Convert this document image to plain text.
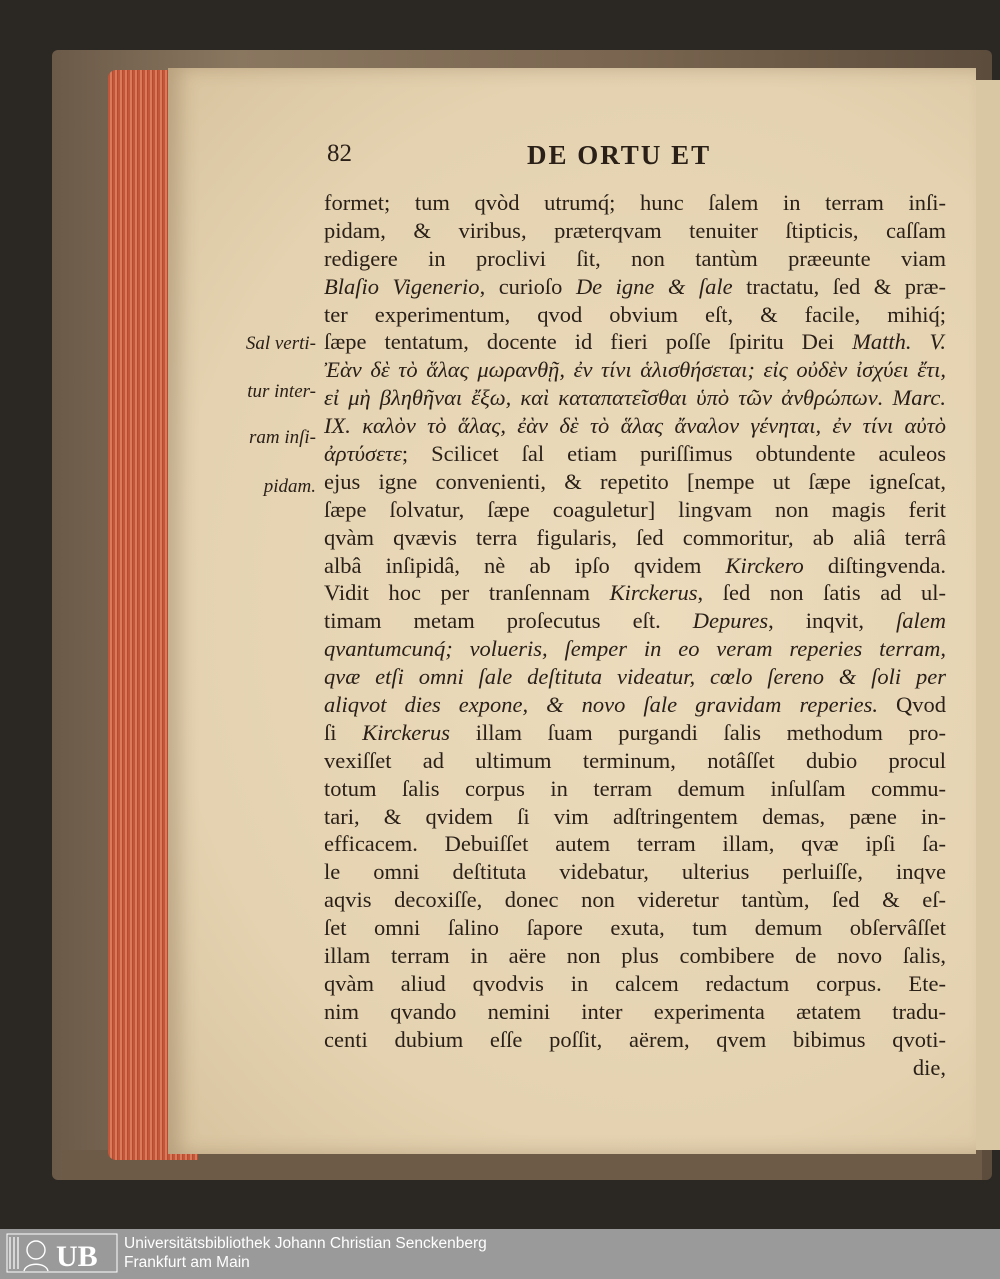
82	DE ORTU ET
Sal verti-
tur inter-
ram inſi-
pidam.
formet; tum qvòd utrumq́; hunc ſalem in terram inſi-
pidam, & viribus, præterqvam tenuiter ſtipticis, caſſam
redigere in proclivi ſit, non tantùm præeunte viam
Blaſio Vigenerio, curioſo De igne & ſale tractatu, ſed & præ-
ter experimentum, qvod obvium eſt, & facile, mihiq́;
ſæpe tentatum, docente id fieri poſſe ſpiritu Dei Matth. V.
Ἐὰν δὲ τὸ ἅλας μωρανθῇ, ἐν τίνι ἁλισθήσεται; εἰς οὐδὲν ἰσχύει ἔτι,
εἰ μὴ βληθῆναι ἔξω, καὶ καταπατεῖσθαι ὑπὸ τῶν ἀνθρώπων. Marc.
IX. καλὸν τὸ ἅλας, ἐὰν δὲ τὸ ἅλας ἄναλον γένηται, ἐν τίνι αὐτὸ
ἀρτύσετε; Scilicet ſal etiam puriſſimus obtundente aculeos
ejus igne convenienti, & repetito [nempe ut ſæpe igneſcat,
ſæpe ſolvatur, ſæpe coaguletur] lingvam non magis ferit
qvàm qvævis terra figularis, ſed commoritur, ab aliâ terrâ
albâ inſipidâ, nè ab ipſo qvidem Kirckero diſtingvenda.
Vidit hoc per tranſennam Kirckerus, ſed non ſatis ad ul-
timam metam proſecutus eſt. Depures, inqvit, ſalem
qvantumcunq́; volueris, ſemper in eo veram reperies terram,
qvæ etſi omni ſale deſtituta videatur, cœlo ſereno & ſoli per
aliqvot dies expone, & novo ſale gravidam reperies. Qvod
ſi Kirckerus illam ſuam purgandi ſalis methodum pro-
vexiſſet ad ultimum terminum, notâſſet dubio procul
totum ſalis corpus in terram demum inſulſam commu-
tari, & qvidem ſi vim adſtringentem demas, pæne in-
efficacem. Debuiſſet autem terram illam, qvæ ipſi ſa-
le omni deſtituta videbatur, ulterius perluiſſe, inqve
aqvis decoxiſſe, donec non videretur tantùm, ſed & eſ-
ſet omni ſalino ſapore exuta, tum demum obſervâſſet
illam terram in aëre non plus combibere de novo ſalis,
qvàm aliud qvodvis in calcem redactum corpus. Ete-
nim qvando nemini inter experimenta ætatem tradu-
centi dubium eſſe poſſit, aërem, qvem bibimus qvoti-
die,
UB Universitätsbibliothek Johann Christian Senckenberg
Frankfurt am Main
